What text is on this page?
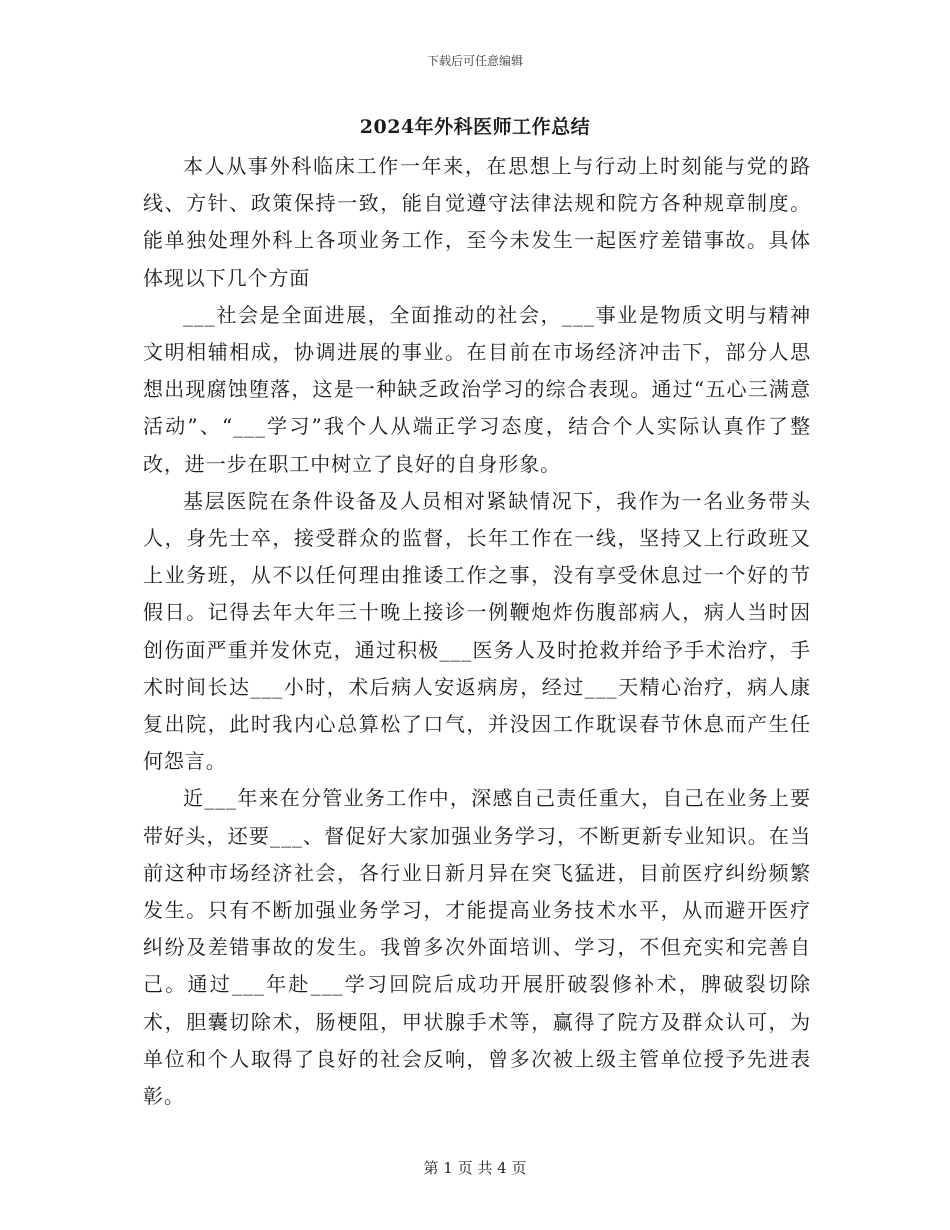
下载后可任意编辑
2024年外科医师工作总结

本人从事外科临床工作一年来，在思想上与行动上时刻能与党的路线、方针、政策保持一致，能自觉遵守法律法规和院方各种规章制度。能单独处理外科上各项业务工作，至今未发生一起医疗差错事故。具体体现以下几个方面

___社会是全面进展，全面推动的社会，___事业是物质文明与精神文明相辅相成，协调进展的事业。在目前在市场经济冲击下，部分人思想出现腐蚀堕落，这是一种缺乏政治学习的综合表现。通过“五心三满意活动”、“___学习”我个人从端正学习态度，结合个人实际认真作了整改，进一步在职工中树立了良好的自身形象。

基层医院在条件设备及人员相对紧缺情况下，我作为一名业务带头人，身先士卒，接受群众的监督，长年工作在一线，坚持又上行政班又上业务班，从不以任何理由推诿工作之事，没有享受休息过一个好的节假日。记得去年大年三十晚上接诊一例鞭炮炸伤腹部病人，病人当时因创伤面严重并发休克，通过积极___医务人及时抢救并给予手术治疗，手术时间长达___小时，术后病人安返病房，经过___天精心治疗，病人康复出院，此时我内心总算松了口气，并没因工作耽误春节休息而产生任何怨言。

近___年来在分管业务工作中，深感自己责任重大，自己在业务上要带好头，还要___、督促好大家加强业务学习，不断更新专业知识。在当前这种市场经济社会，各行业日新月异在突飞猛进，目前医疗纠纷频繁发生。只有不断加强业务学习，才能提高业务技术水平，从而避开医疗纠纷及差错事故的发生。我曾多次外面培训、学习，不但充实和完善自己。通过___年赴___学习回院后成功开展肝破裂修补术，脾破裂切除术，胆囊切除术，肠梗阻，甲状腺手术等，赢得了院方及群众认可，为单位和个人取得了良好的社会反响，曾多次被上级主管单位授予先进表彰。

第 1 页 共 4 页
